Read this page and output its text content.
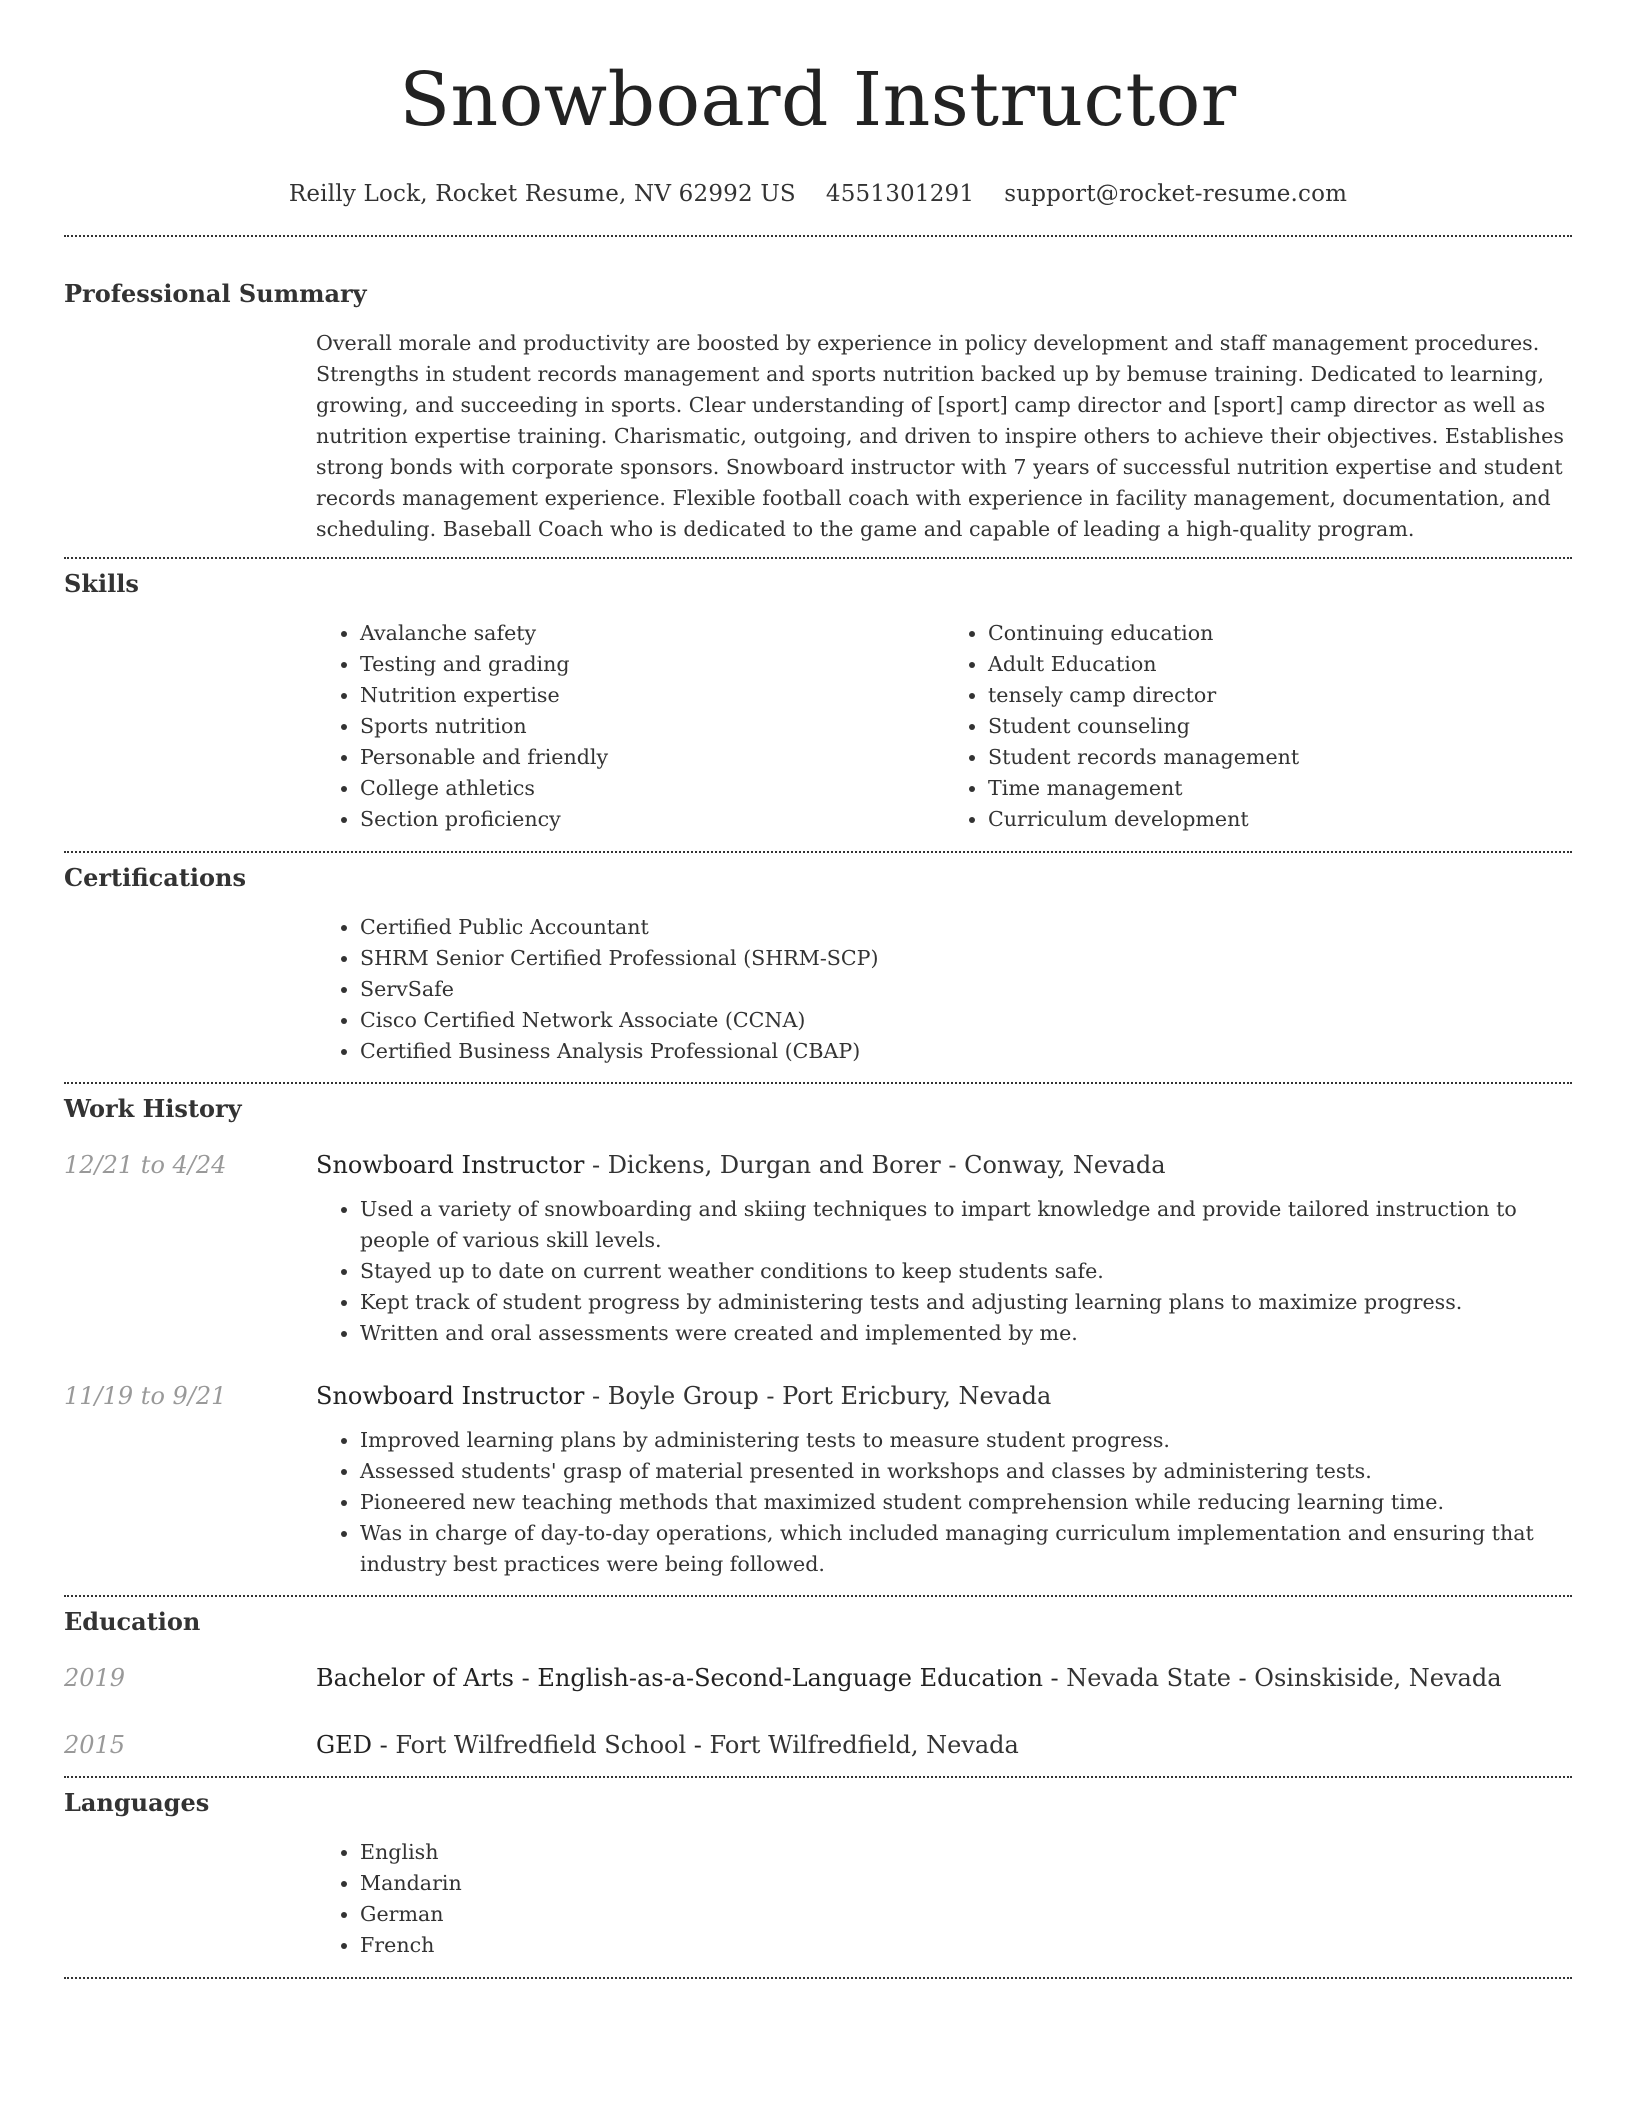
Snowboard Instructor
Reilly Lock, Rocket Resume, NV 62992 US 4551301291 support@rocket-resume.com
Professional Summary

Overall morale and productivity are boosted by experience in policy development and staff management procedures. Strengths in student records management and sports nutrition backed up by bemuse training. Dedicated to learning, growing, and succeeding in sports. Clear understanding of [sport] camp director and [sport] camp director as well as nutrition expertise training. Charismatic, outgoing, and driven to inspire others to achieve their objectives. Establishes strong bonds with corporate sponsors. Snowboard instructor with 7 years of successful nutrition expertise and student records management experience. Flexible football coach with experience in facility management, documentation, and scheduling. Baseball Coach who is dedicated to the game and capable of leading a high-quality program.

Skills
• Avalanche safety
• Testing and grading
• Nutrition expertise
• Sports nutrition
• Personable and friendly
• College athletics
• Section proficiency
• Continuing education
• Adult Education
• tensely camp director
• Student counseling
• Student records management
• Time management
• Curriculum development
Certifications
• Certified Public Accountant
• SHRM Senior Certified Professional (SHRM-SCP)
• ServSafe
• Cisco Certified Network Associate (CCNA)
• Certified Business Analysis Professional (CBAP)
Work History
12/21 to 4/24	Snowboard Instructor - Dickens, Durgan and Borer - Conway, Nevada
• Used a variety of snowboarding and skiing techniques to impart knowledge and provide tailored instruction to people of various skill levels.
• Stayed up to date on current weather conditions to keep students safe.
• Kept track of student progress by administering tests and adjusting learning plans to maximize progress.
• Written and oral assessments were created and implemented by me.
11/19 to 9/21	Snowboard Instructor - Boyle Group - Port Ericbury, Nevada
• Improved learning plans by administering tests to measure student progress.
• Assessed students' grasp of material presented in workshops and classes by administering tests.
• Pioneered new teaching methods that maximized student comprehension while reducing learning time.
• Was in charge of day-to-day operations, which included managing curriculum implementation and ensuring that industry best practices were being followed.
Education
2019	Bachelor of Arts - English-as-a-Second-Language Education - Nevada State - Osinskiside, Nevada
2015	GED - Fort Wilfredfield School - Fort Wilfredfield, Nevada
Languages
• English
• Mandarin
• German
• French
